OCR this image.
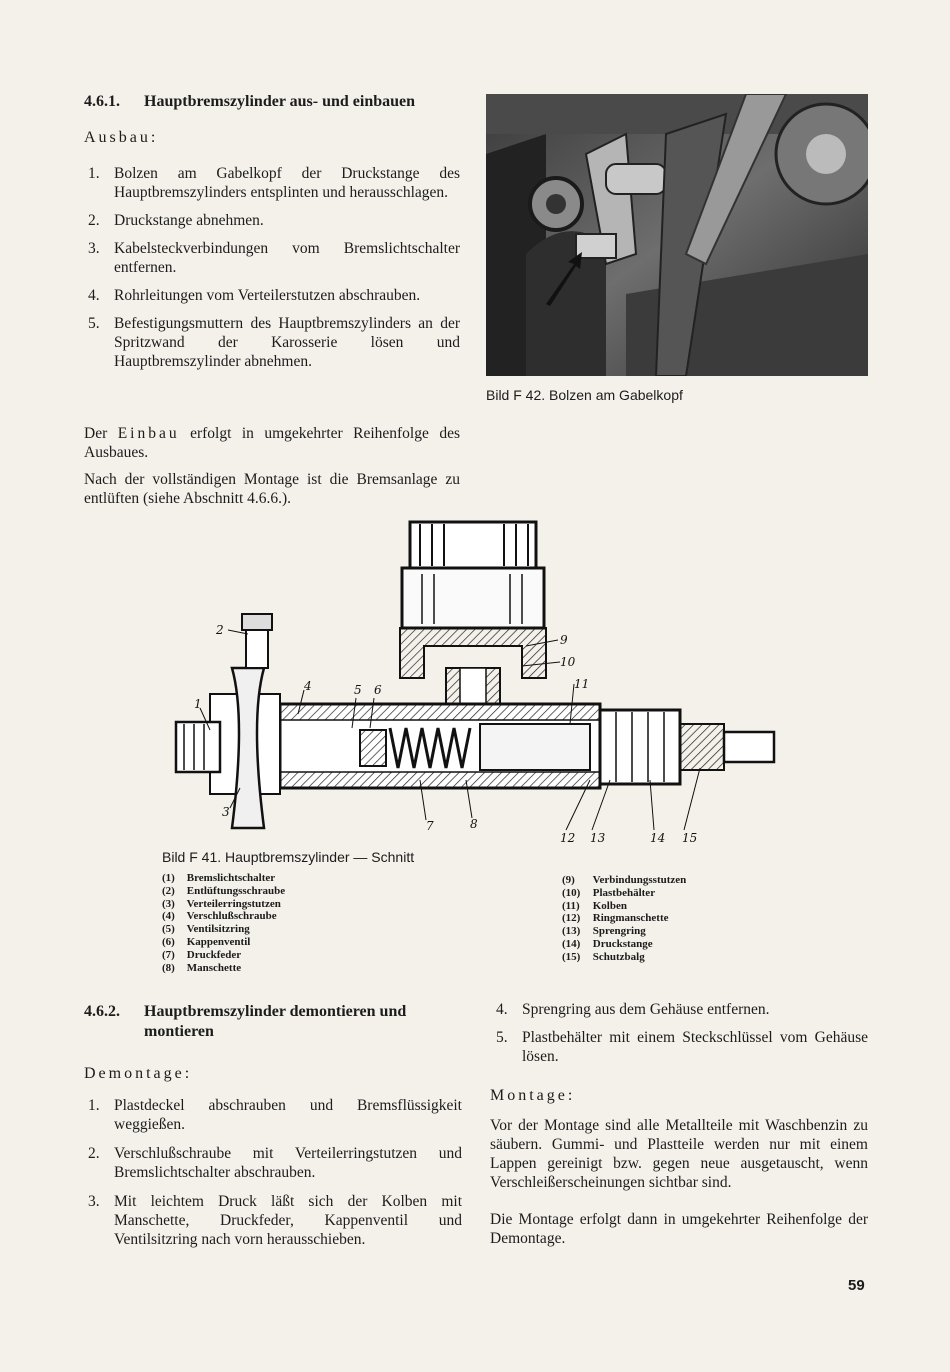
4.6.1. Hauptbremszylinder aus- und einbauen
Ausbau:
1. Bolzen am Gabelkopf der Druckstange des Hauptbremszylinders entsplinten und herausschlagen.
2. Druckstange abnehmen.
3. Kabelsteckverbindungen vom Bremslichtschalter entfernen.
4. Rohrleitungen vom Verteilerstutzen abschrauben.
5. Befestigungsmuttern des Hauptbremszylinders an der Spritzwand der Karosserie lösen und Hauptbremszylinder abnehmen.

Der Einbau erfolgt in umgekehrter Reihenfolge des Ausbaues.

Nach der vollständigen Montage ist die Bremsanlage zu entlüften (siehe Abschnitt 4.6.6.).

Bild F 42. Bolzen am Gabelkopf
2
1
3
4	5 6
7	8
9
10
11
12 13	14 15
Bild F 41. Hauptbremszylinder — Schnitt
(1) Bremslichtschalter
(2) Entlüftungsschraube
(3) Verteilerringstutzen
(4) Verschlußschraube
(5) Ventilsitzring
(6) Kappenventil
(7) Druckfeder
(8) Manschette
(9) Verbindungsstutzen
(10) Plastbehälter
(11) Kolben
(12) Ringmanschette
(13) Sprengring
(14) Druckstange
(15) Schutzbalg
4.6.2.	Hauptbremszylinder demontieren und
montieren
Demontage:
1. Plastdeckel abschrauben und Bremsflüssigkeit weggießen.
2. Verschlußschraube mit Verteilerringstutzen und Bremslichtschalter abschrauben.
3. Mit leichtem Druck läßt sich der Kolben mit Manschette, Druckfeder, Kappenventil und Ventilsitzring nach vorn herausschieben.
4. Sprengring aus dem Gehäuse entfernen.
5. Plastbehälter mit einem Steckschlüssel vom Gehäuse lösen.
Montage:

Vor der Montage sind alle Metallteile mit Waschbenzin zu säubern. Gummi- und Plastteile werden nur mit einem Lappen gereinigt bzw. gegen neue ausgetauscht, wenn Verschleißerscheinungen sichtbar sind.

Die Montage erfolgt dann in umgekehrter Reihenfolge der Demontage.

59
